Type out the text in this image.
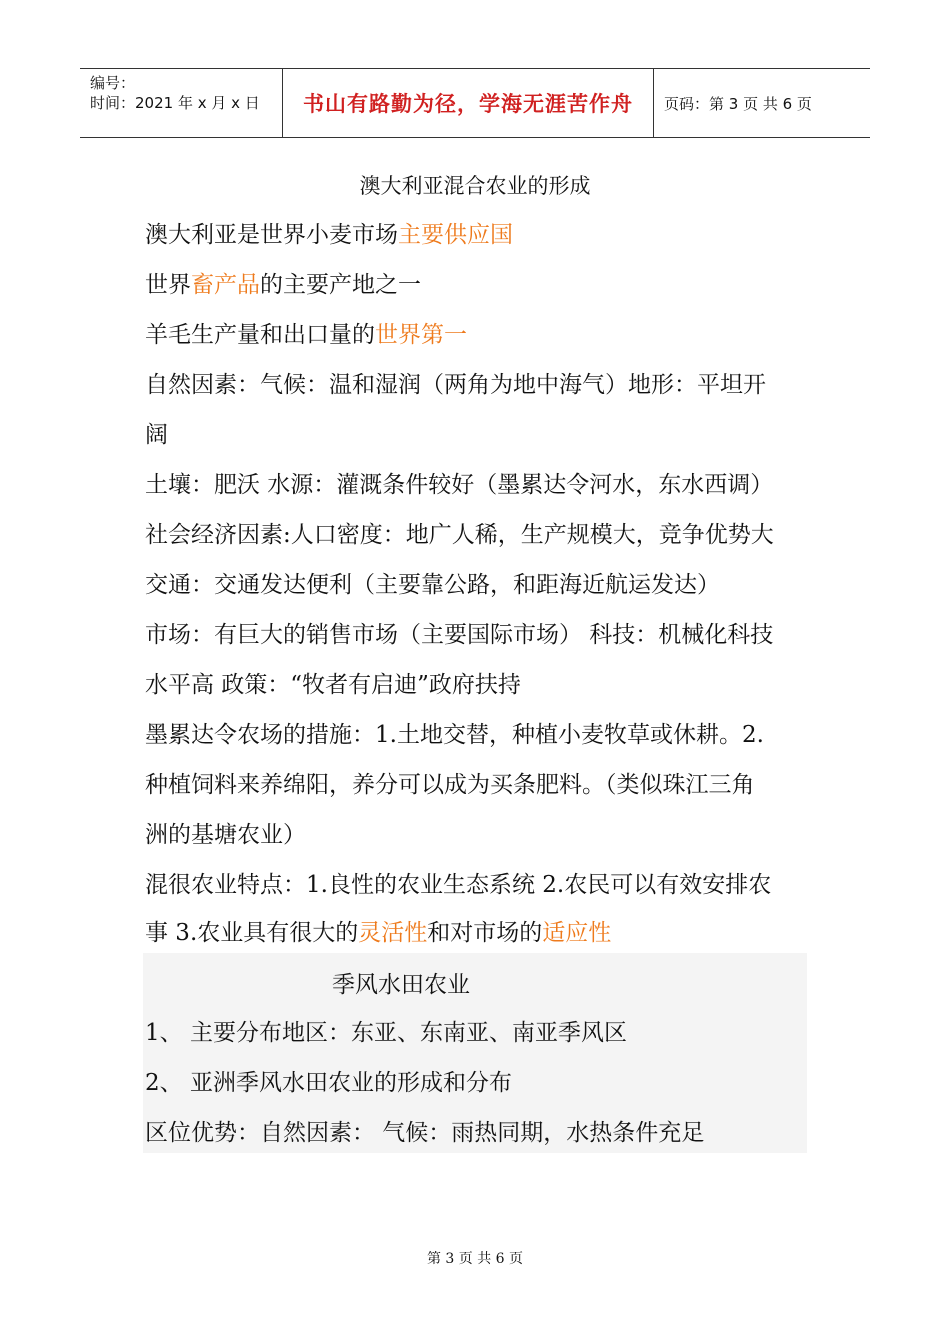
编号：
时间：2021 年 x 月 x 日	书山有路勤为径，学海无涯苦作舟	页码：第 3 页 共 6 页
澳大利亚混合农业的形成
澳大利亚是世界小麦市场主要供应国
世界畜产品的主要产地之一
羊毛生产量和出口量的世界第一
自然因素：气候：温和湿润（两角为地中海气）地形：平坦开
阔
土壤：肥沃 水源：灌溉条件较好（墨累达令河水，东水西调）
社会经济因素:人口密度：地广人稀，生产规模大，竞争优势大
交通：交通发达便利（主要靠公路，和距海近航运发达）
市场：有巨大的销售市场（主要国际市场） 科技：机械化科技
水平高 政策：“牧者有启迪”政府扶持
墨累达令农场的措施：1.土地交替，种植小麦牧草或休耕。2.
种植饲料来养绵阳，养分可以成为买条肥料。（类似珠江三角
洲的基塘农业）
混很农业特点：1.良性的农业生态系统 2.农民可以有效安排农
事 3.农业具有很大的灵活性和对市场的适应性
季风水田农业
1、 主要分布地区：东亚、东南亚、南亚季风区
2、 亚洲季风水田农业的形成和分布
区位优势：自然因素： 气候：雨热同期，水热条件充足
第 3 页 共 6 页
